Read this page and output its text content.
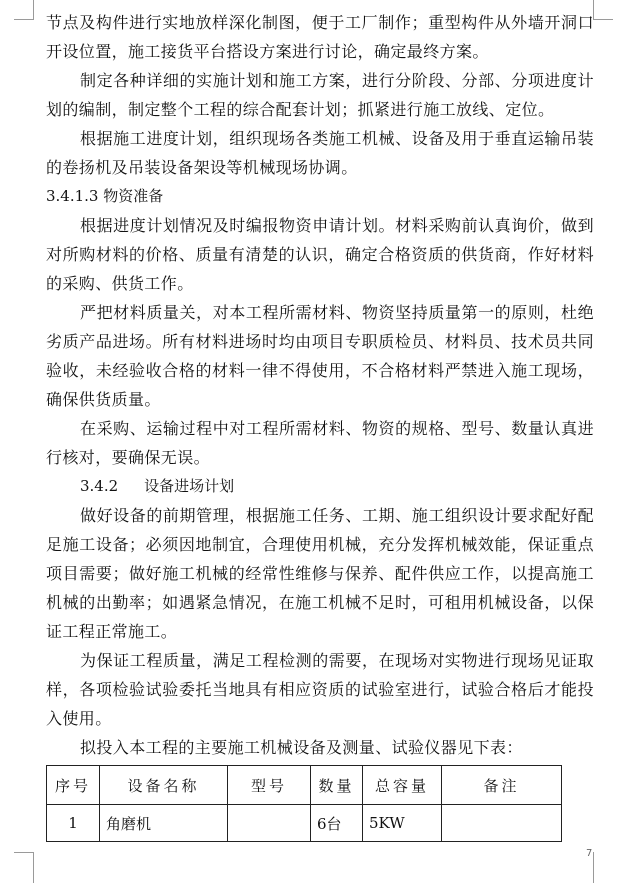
节点及构件进行实地放样深化制图，便于工厂制作；重型构件从外墙开洞口开设位置，施工接货平台搭设方案进行讨论，确定最终方案。

制定各种详细的实施计划和施工方案，进行分阶段、分部、分项进度计划的编制，制定整个工程的综合配套计划；抓紧进行施工放线、定位。

根据施工进度计划，组织现场各类施工机械、设备及用于垂直运输吊装的卷扬机及吊装设备架设等机械现场协调。

3.4.1.3 物资准备

根据进度计划情况及时编报物资申请计划。材料采购前认真询价，做到对所购材料的价格、质量有清楚的认识，确定合格资质的供货商，作好材料的采购、供货工作。

严把材料质量关，对本工程所需材料、物资坚持质量第一的原则，杜绝劣质产品进场。所有材料进场时均由项目专职质检员、材料员、技术员共同验收，未经验收合格的材料一律不得使用，不合格材料严禁进入施工现场，确保供货质量。

在采购、运输过程中对工程所需材料、物资的规格、型号、数量认真进行核对，要确保无误。

3.4.2 设备进场计划

做好设备的前期管理，根据施工任务、工期、施工组织设计要求配好配足施工设备；必须因地制宜，合理使用机械，充分发挥机械效能，保证重点项目需要；做好施工机械的经常性维修与保养、配件供应工作，以提高施工机械的出勤率；如遇紧急情况，在施工机械不足时，可租用机械设备，以保证工程正常施工。

为保证工程质量，满足工程检测的需要，在现场对实物进行现场见证取样，各项检验试验委托当地具有相应资质的试验室进行，试验合格后才能投入使用。

拟投入本工程的主要施工机械设备及测量、试验仪器见下表：

序号	设备名称	型号	数量	总容量	备注
1	角磨机		6台	5KW	
7
